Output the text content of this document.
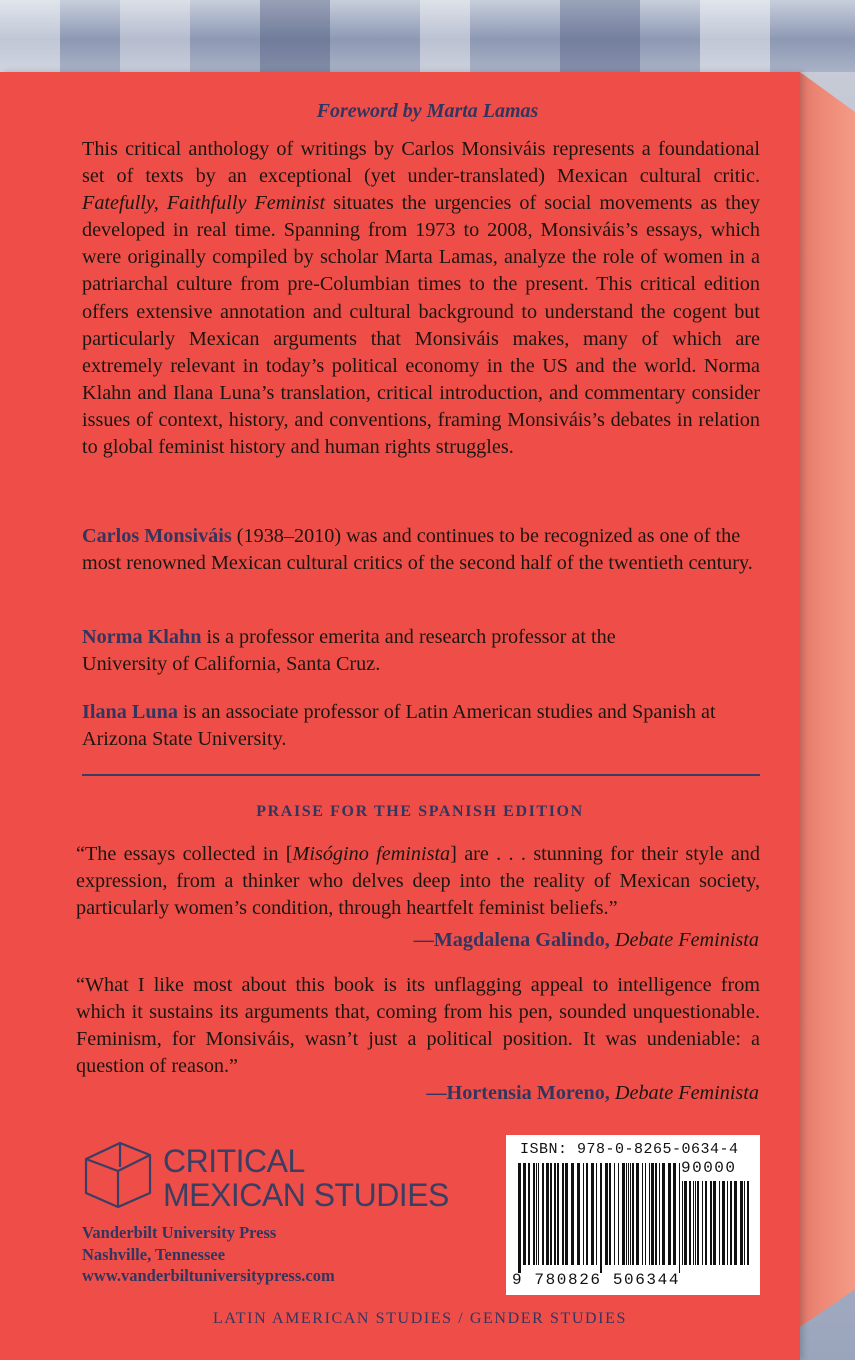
Foreword by Marta Lamas

This critical anthology of writings by Carlos Monsiváis represents a foundational set of texts by an exceptional (yet under-translated) Mexican cultural critic. Fatefully, Faithfully Feminist situates the urgencies of social movements as they developed in real time. Spanning from 1973 to 2008, Monsiváis’s essays, which were originally compiled by scholar Marta Lamas, analyze the role of women in a patriarchal culture from pre-Columbian times to the present. This critical edition offers extensive annotation and cultural background to understand the cogent but particularly Mexican arguments that Monsiváis makes, many of which are extremely relevant in today’s political economy in the US and the world. Norma Klahn and Ilana Luna’s translation, critical introduction, and commentary consider issues of context, history, and conventions, framing Monsiváis’s debates in relation to global feminist history and human rights struggles.

Carlos Monsiváis (1938–2010) was and continues to be recognized as one of the most renowned Mexican cultural critics of the second half of the twentieth century.

Norma Klahn is a professor emerita and research professor at the University of California, Santa Cruz.

Ilana Luna is an associate professor of Latin American studies and Spanish at Arizona State University.

PRAISE FOR THE SPANISH EDITION

“The essays collected in [Misógino feminista] are . . . stunning for their style and expression, from a thinker who delves deep into the reality of Mexican society, particularly women’s condition, through heartfelt feminist beliefs.”

—Magdalena Galindo, Debate Feminista

“What I like most about this book is its unflagging appeal to intelligence from which it sustains its arguments that, coming from his pen, sounded unquestionable. Feminism, for Monsiváis, wasn’t just a political position. It was undeniable: a question of reason.”

—Hortensia Moreno, Debate Feminista
CRITICAL
MEXICAN STUDIES
Vanderbilt University Press
Nashville, Tennessee
www.vanderbiltuniversitypress.com
ISBN: 978-0-8265-0634-4
90000
9 780826 506344
LATIN AMERICAN STUDIES / GENDER STUDIES
